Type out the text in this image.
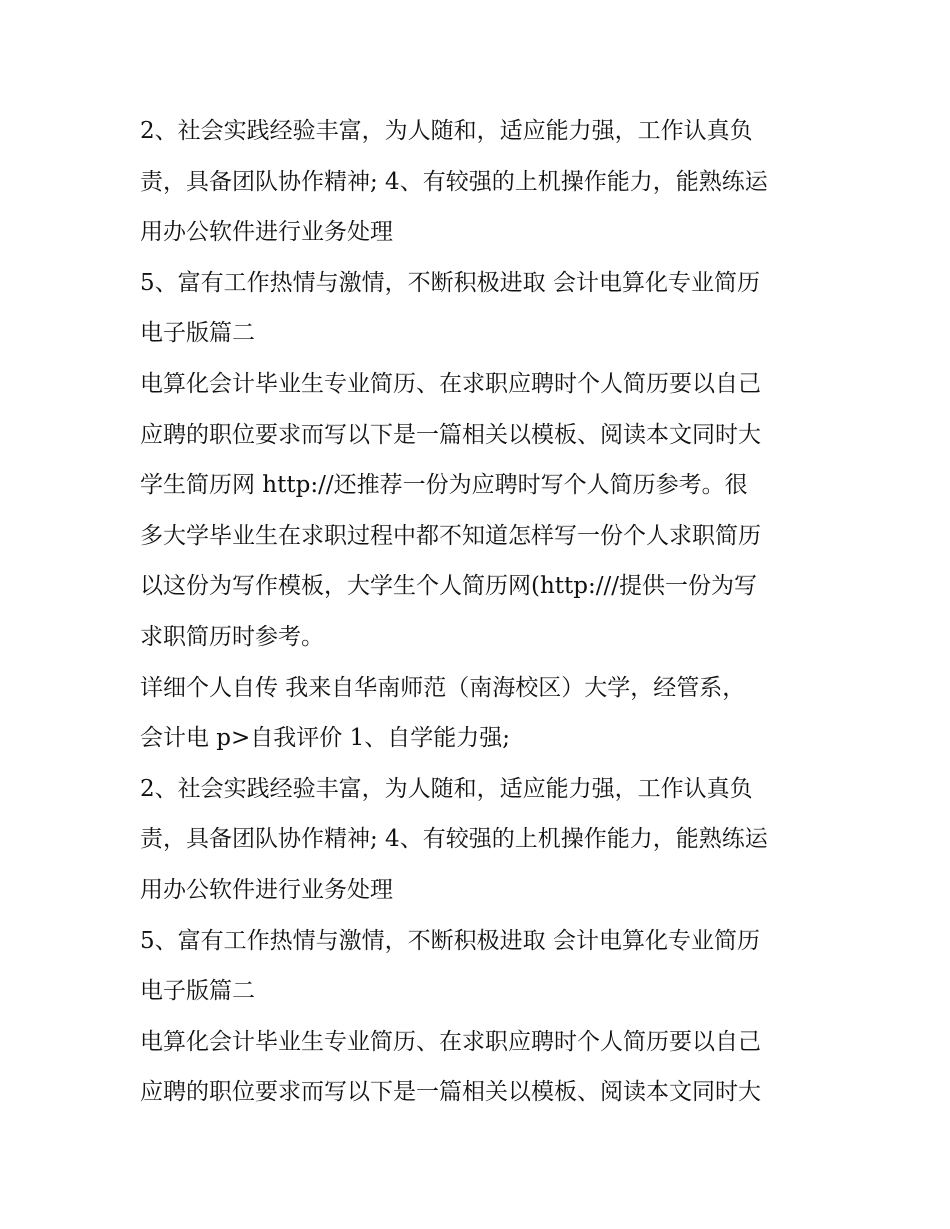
2、社会实践经验丰富，为人随和，适应能力强，工作认真负
责，具备团队协作精神; 4、有较强的上机操作能力，能熟练运
用办公软件进行业务处理
5、富有工作热情与激情，不断积极进取 会计电算化专业简历
电子版篇二
电算化会计毕业生专业简历、在求职应聘时个人简历要以自己
应聘的职位要求而写以下是一篇相关以模板、阅读本文同时大
学生简历网 http://还推荐一份为应聘时写个人简历参考。很
多大学毕业生在求职过程中都不知道怎样写一份个人求职简历
以这份为写作模板，大学生个人简历网(http:///提供一份为写
求职简历时参考。
详细个人自传 我来自华南师范（南海校区）大学，经管系，
会计电 p>自我评价 1、自学能力强;
2、社会实践经验丰富，为人随和，适应能力强，工作认真负
责，具备团队协作精神; 4、有较强的上机操作能力，能熟练运
用办公软件进行业务处理
5、富有工作热情与激情，不断积极进取 会计电算化专业简历
电子版篇二
电算化会计毕业生专业简历、在求职应聘时个人简历要以自己
应聘的职位要求而写以下是一篇相关以模板、阅读本文同时大
